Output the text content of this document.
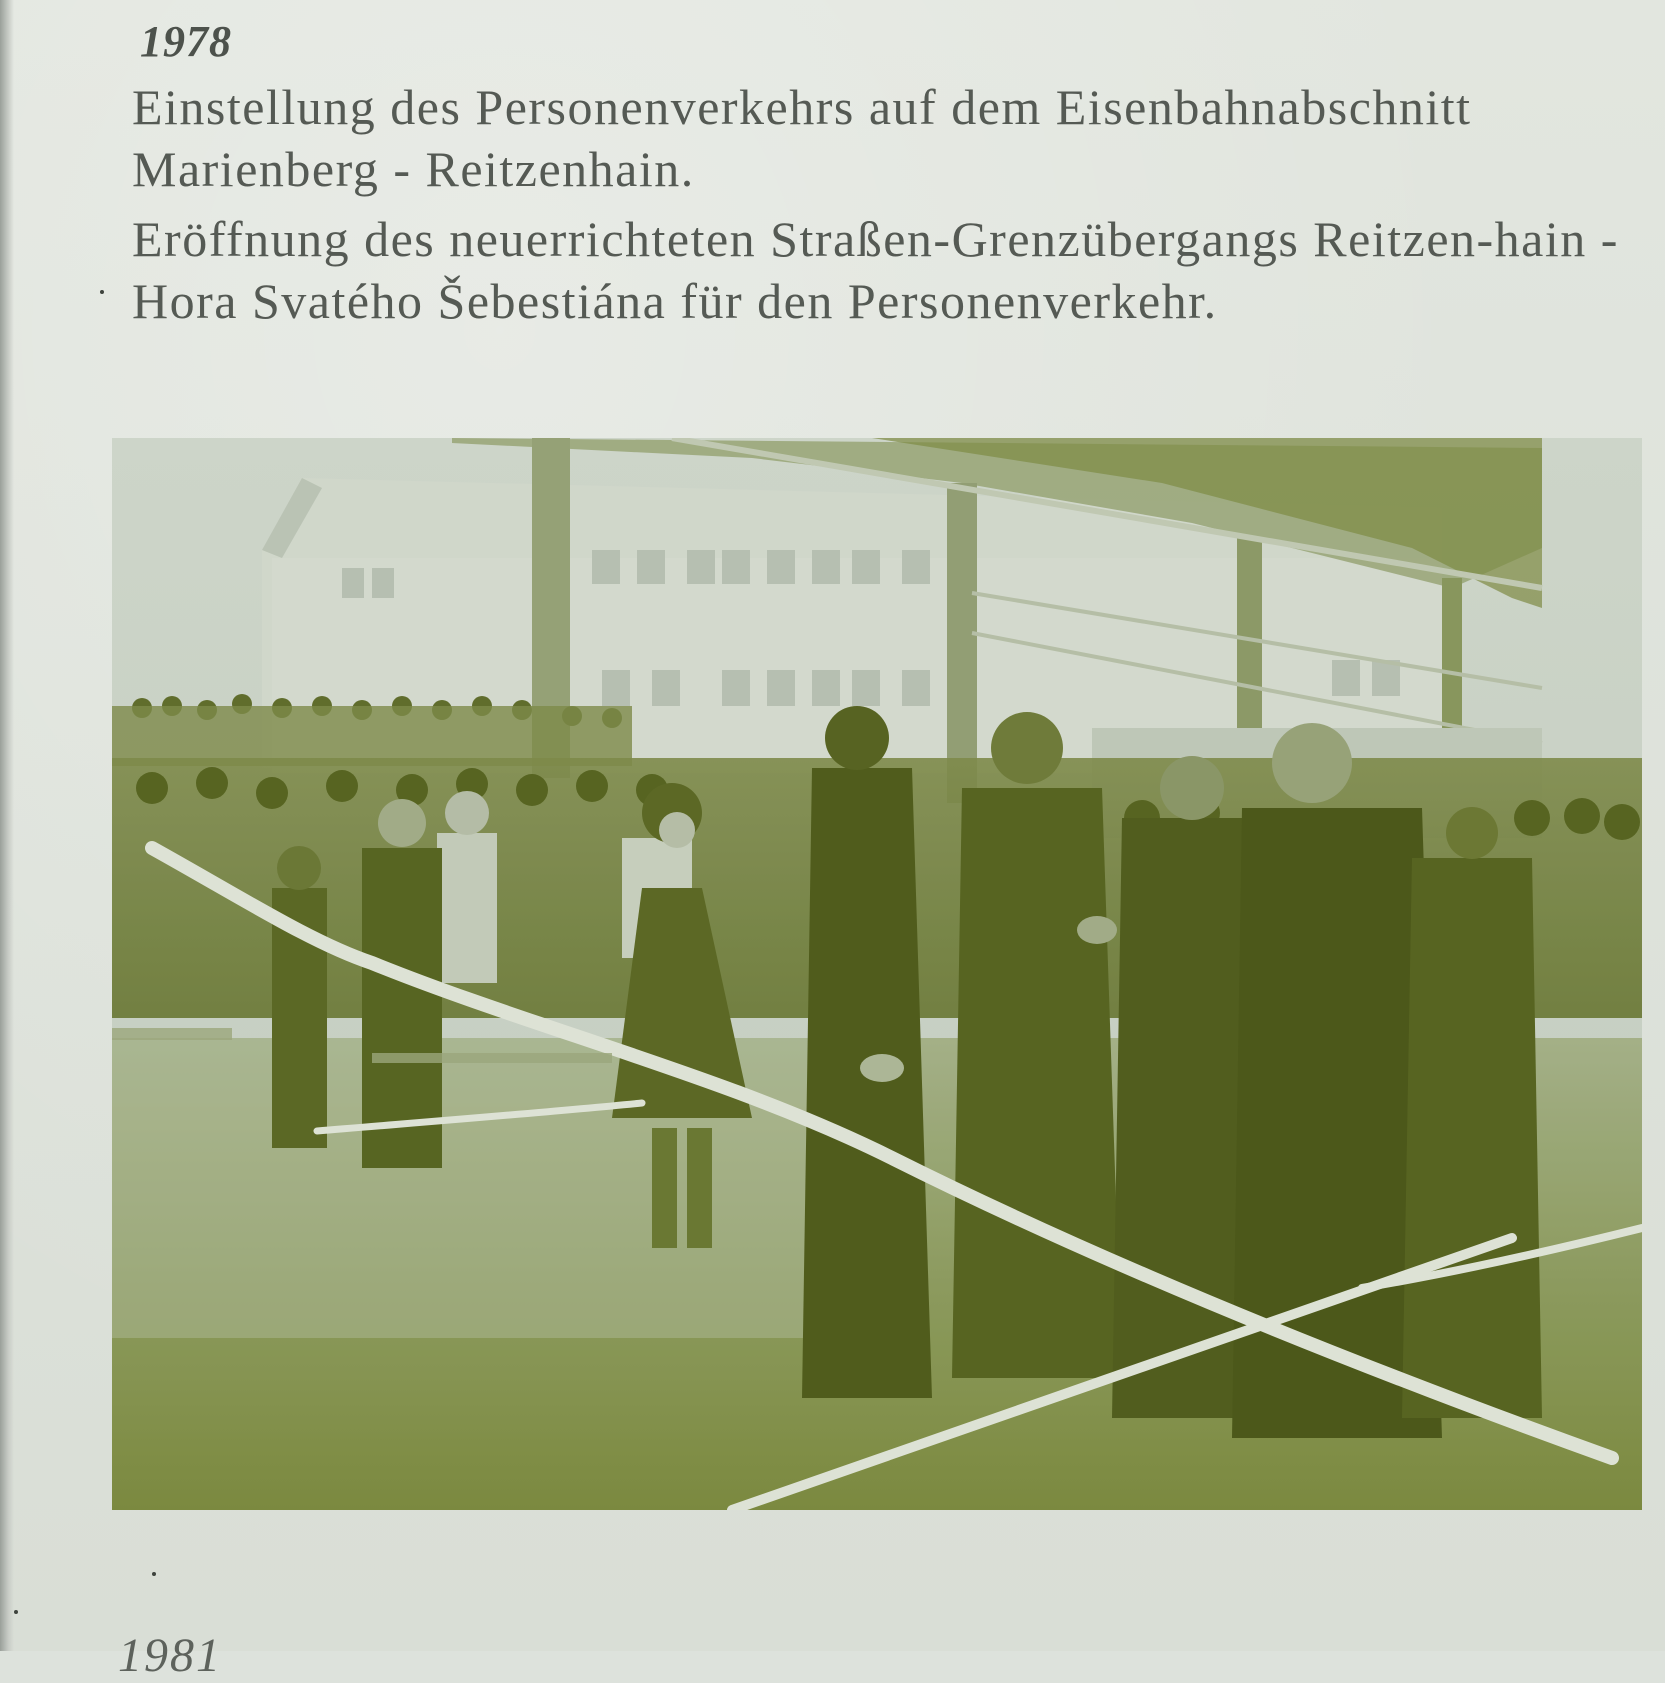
1978

Einstellung des Personenverkehrs auf dem Eisenbahnabschnitt Marienberg - Reitzenhain.

Eröffnung des neuerrichteten Straßen-Grenzübergangs Reitzen-hain - Hora Svatého Šebestiána für den Personenverkehr.

1981
